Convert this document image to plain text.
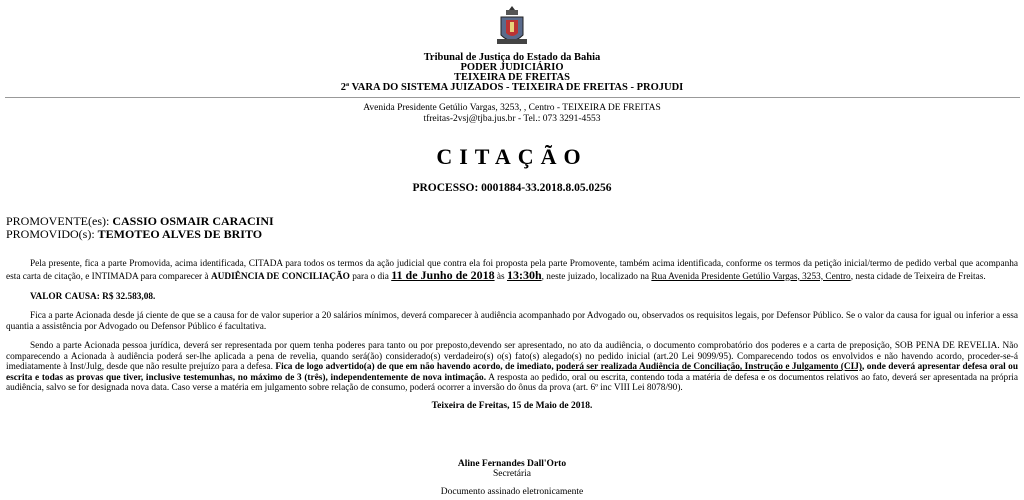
Tribunal de Justiça do Estado da Bahia
PODER JUDICIÁRIO
TEIXEIRA DE FREITAS
2ª VARA DO SISTEMA JUIZADOS - TEIXEIRA DE FREITAS - PROJUDI
Avenida Presidente Getúlio Vargas, 3253, , Centro - TEIXEIRA DE FREITAS
tfreitas-2vsj@tjba.jus.br - Tel.: 073 3291-4553
CITAÇÃO
PROCESSO: 0001884-33.2018.8.05.0256
PROMOVENTE(es): CASSIO OSMAIR CARACINI
PROMOVIDO(s): TEMOTEO ALVES DE BRITO
Pela presente, fica a parte Promovida, acima identificada, CITADA para todos os termos da ação judicial que contra ela foi proposta pela parte Promovente, também acima identificada, conforme os termos da petição inicial/termo de pedido verbal que acompanha esta carta de citação, e INTIMADA para comparecer à AUDIÊNCIA DE CONCILIAÇÃO para o dia 11 de Junho de 2018 às 13:30h, neste juizado, localizado na Rua Avenida Presidente Getúlio Vargas, 3253, Centro, nesta cidade de Teixeira de Freitas.
VALOR CAUSA: R$ 32.583,08.
Fica a parte Acionada desde já ciente de que se a causa for de valor superior a 20 salários mínimos, deverá comparecer à audiência acompanhado por Advogado ou, observados os requisitos legais, por Defensor Público. Se o valor da causa for igual ou inferior a essa quantia a assistência por Advogado ou Defensor Público é facultativa.
Sendo a parte Acionada pessoa jurídica, deverá ser representada por quem tenha poderes para tanto ou por preposto,devendo ser apresentado, no ato da audiência, o documento comprobatório dos poderes e a carta de preposição, SOB PENA DE REVELIA. Não comparecendo a Acionada à audiência poderá ser-lhe aplicada a pena de revelia, quando será(ão) considerado(s) verdadeiro(s) o(s) fato(s) alegado(s) no pedido inicial (art.20 Lei 9099/95). Comparecendo todos os envolvidos e não havendo acordo, proceder-se-á imediatamente à Inst/Julg, desde que não resulte prejuízo para a defesa. Fica de logo advertido(a) de que em não havendo acordo, de imediato, poderá ser realizada Audiência de Conciliação, Instrução e Julgamento (CIJ), onde deverá apresentar defesa oral ou escrita e todas as provas que tiver, inclusive testemunhas, no máximo de 3 (três), independentemente de nova intimação. A resposta ao pedido, oral ou escrita, contendo toda a matéria de defesa e os documentos relativos ao fato, deverá ser apresentada na própria audiência, salvo se for designada nova data. Caso verse a matéria em julgamento sobre relação de consumo, poderá ocorrer a inversão do ônus da prova (art. 6º inc VIII Lei 8078/90).
Teixeira de Freitas, 15 de Maio de 2018.
Aline Fernandes Dall'Orto
Secretária
Documento assinado eletronicamente
